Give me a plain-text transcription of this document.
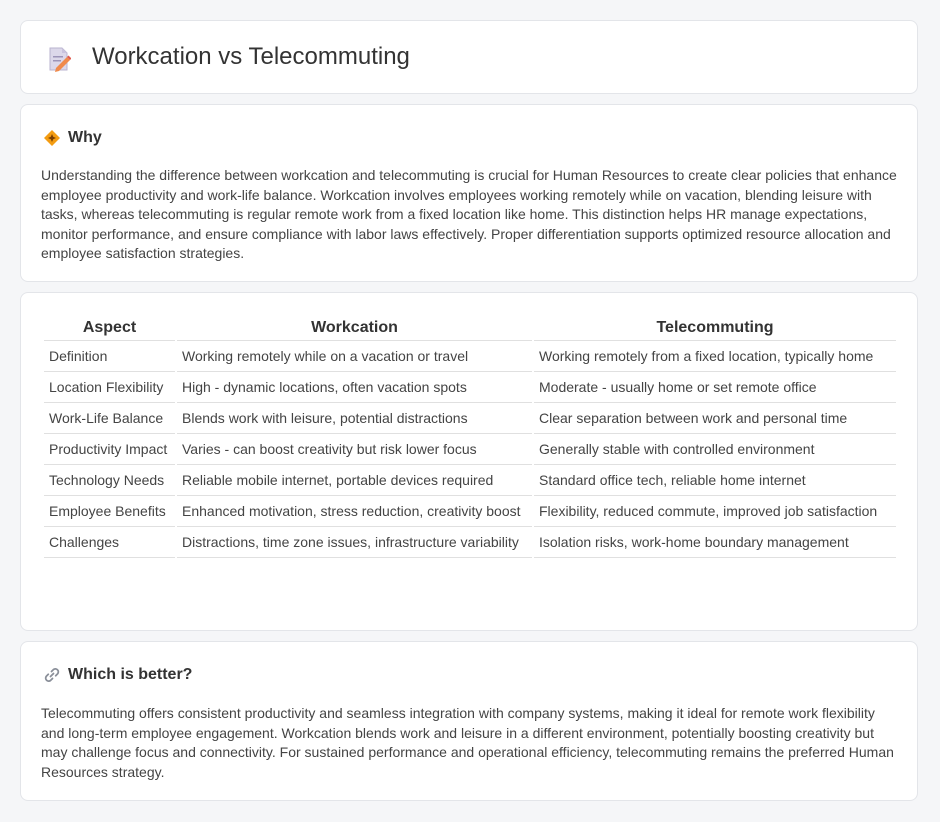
Workcation vs Telecommuting
Why

Understanding the difference between workcation and telecommuting is crucial for Human Resources to create clear policies that enhance employee productivity and work-life balance. Workcation involves employees working remotely while on vacation, blending leisure with tasks, whereas telecommuting is regular remote work from a fixed location like home. This distinction helps HR manage expectations, monitor performance, and ensure compliance with labor laws effectively. Proper differentiation supports optimized resource allocation and employee satisfaction strategies.

Aspect	Workcation	Telecommuting
Definition	Working remotely while on a vacation or travel	Working remotely from a fixed location, typically home
Location Flexibility	High - dynamic locations, often vacation spots	Moderate - usually home or set remote office
Work-Life Balance	Blends work with leisure, potential distractions	Clear separation between work and personal time
Productivity Impact	Varies - can boost creativity but risk lower focus	Generally stable with controlled environment
Technology Needs	Reliable mobile internet, portable devices required	Standard office tech, reliable home internet
Employee Benefits	Enhanced motivation, stress reduction, creativity boost	Flexibility, reduced commute, improved job satisfaction
Challenges	Distractions, time zone issues, infrastructure variability	Isolation risks, work-home boundary management
Which is better?

Telecommuting offers consistent productivity and seamless integration with company systems, making it ideal for remote work flexibility and long-term employee engagement. Workcation blends work and leisure in a different environment, potentially boosting creativity but may challenge focus and connectivity. For sustained performance and operational efficiency, telecommuting remains the preferred Human Resources strategy.
